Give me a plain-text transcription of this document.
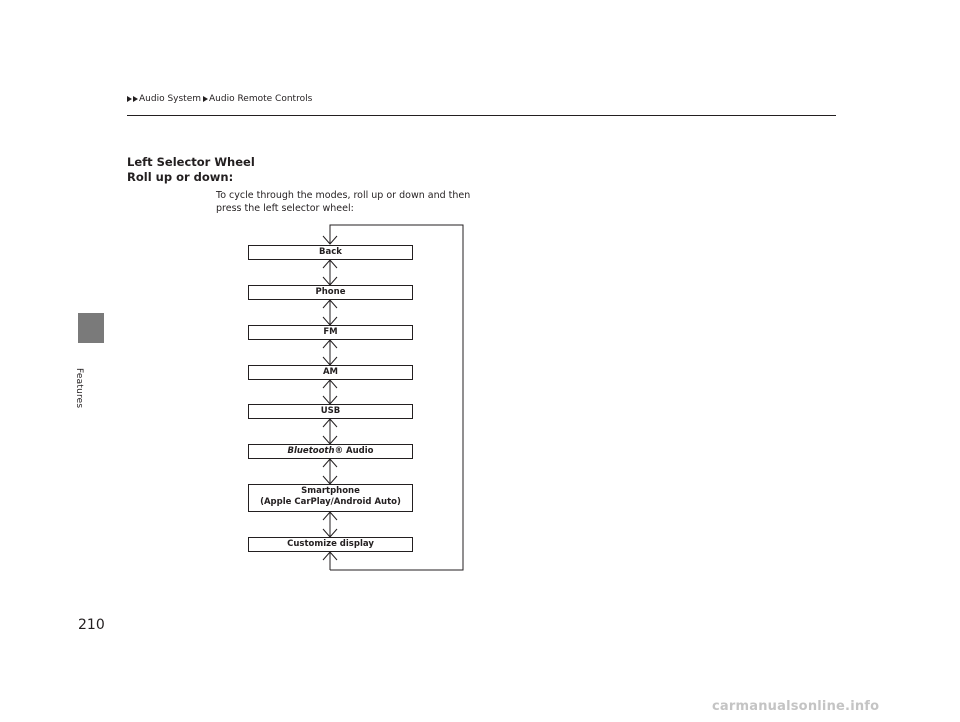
Features
Audio System Audio Remote Controls
Left Selector Wheel
Roll up or down:
To cycle through the modes, roll up or down and then press the left selector wheel:
Back
Phone
FM
AM
USB
Bluetooth® Audio
Smartphone
(Apple CarPlay/Android Auto)
Customize display
210
carmanualsonline.info
